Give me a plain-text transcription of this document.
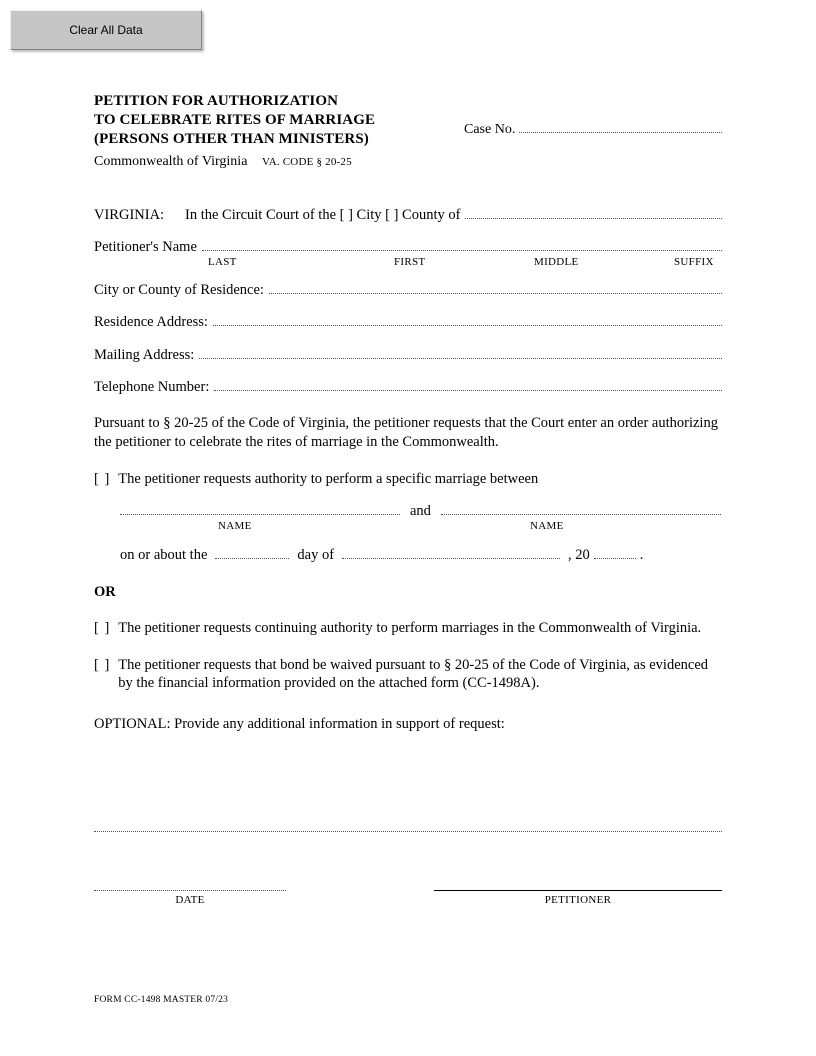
Clear All Data
PETITION FOR AUTHORIZATION
TO CELEBRATE RITES OF MARRIAGE
(PERSONS OTHER THAN MINISTERS)
Commonwealth of Virginia	VA. CODE § 20-25
Case No.
VIRGINIA:	In the Circuit Court of the [ ] City [ ] County of
Petitioner's Name
LAST	FIRST	MIDDLE	SUFFIX
City or County of Residence:
Residence Address:
Mailing Address:
Telephone Number:
Pursuant to § 20-25 of the Code of Virginia, the petitioner requests that the Court enter an order authorizing the petitioner to celebrate the rites of marriage in the Commonwealth.
[ ] The petitioner requests authority to perform a specific marriage between
and
NAME	NAME
on or about the	day of	, 20	.
OR
[ ] The petitioner requests continuing authority to perform marriages in the Commonwealth of Virginia.
[ ] The petitioner requests that bond be waived pursuant to § 20-25 of the Code of Virginia, as evidenced by the financial information provided on the attached form (CC-1498A).
OPTIONAL: Provide any additional information in support of request:
DATE	PETITIONER
FORM CC-1498 MASTER 07/23
